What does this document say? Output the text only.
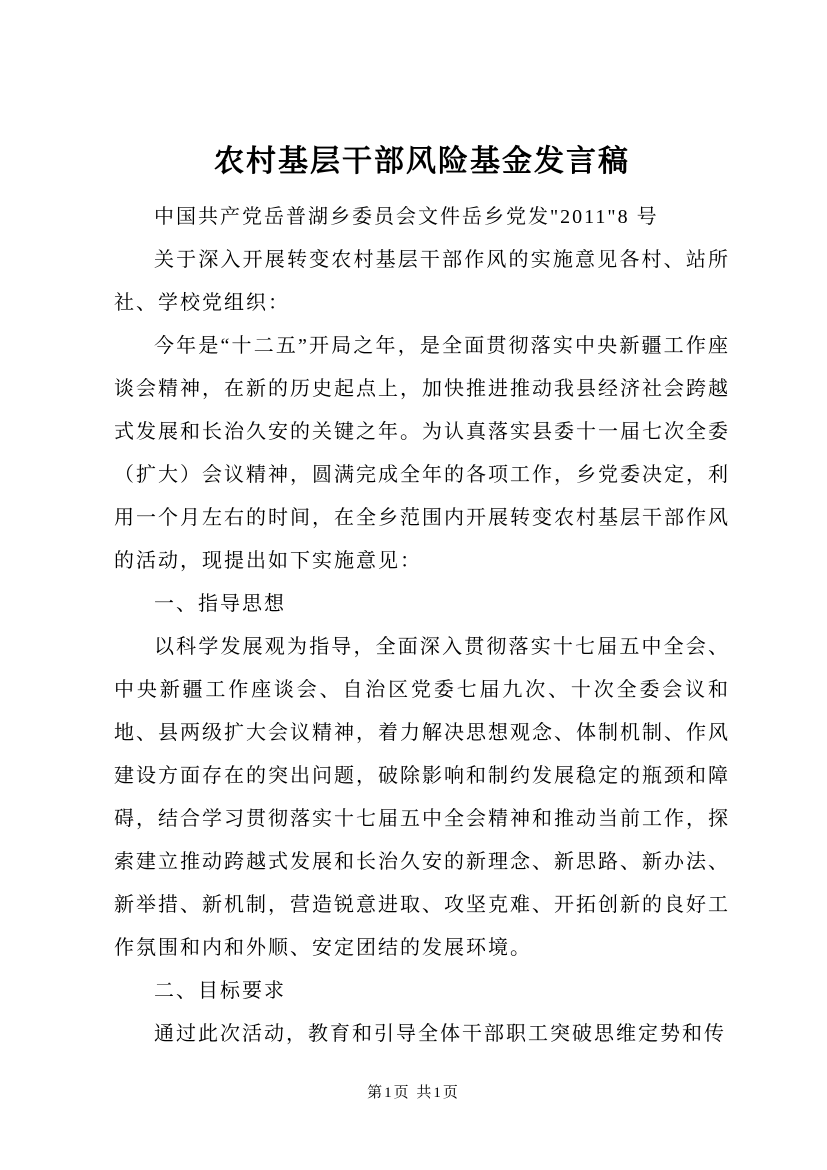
农村基层干部风险基金发言稿

中国共产党岳普湖乡委员会文件岳乡党发"2011"8 号

关于深入开展转变农村基层干部作风的实施意见各村、站所社、学校党组织：

今年是“十二五”开局之年，是全面贯彻落实中央新疆工作座谈会精神，在新的历史起点上，加快推进推动我县经济社会跨越式发展和长治久安的关键之年。为认真落实县委十一届七次全委（扩大）会议精神，圆满完成全年的各项工作，乡党委决定，利用一个月左右的时间，在全乡范围内开展转变农村基层干部作风的活动，现提出如下实施意见：

一、指导思想

以科学发展观为指导，全面深入贯彻落实十七届五中全会、中央新疆工作座谈会、自治区党委七届九次、十次全委会议和地、县两级扩大会议精神，着力解决思想观念、体制机制、作风建设方面存在的突出问题，破除影响和制约发展稳定的瓶颈和障碍，结合学习贯彻落实十七届五中全会精神和推动当前工作，探索建立推动跨越式发展和长治久安的新理念、新思路、新办法、新举措、新机制，营造锐意进取、攻坚克难、开拓创新的良好工作氛围和内和外顺、安定团结的发展环境。

二、目标要求

通过此次活动，教育和引导全体干部职工突破思维定势和传

第1页 共1页
